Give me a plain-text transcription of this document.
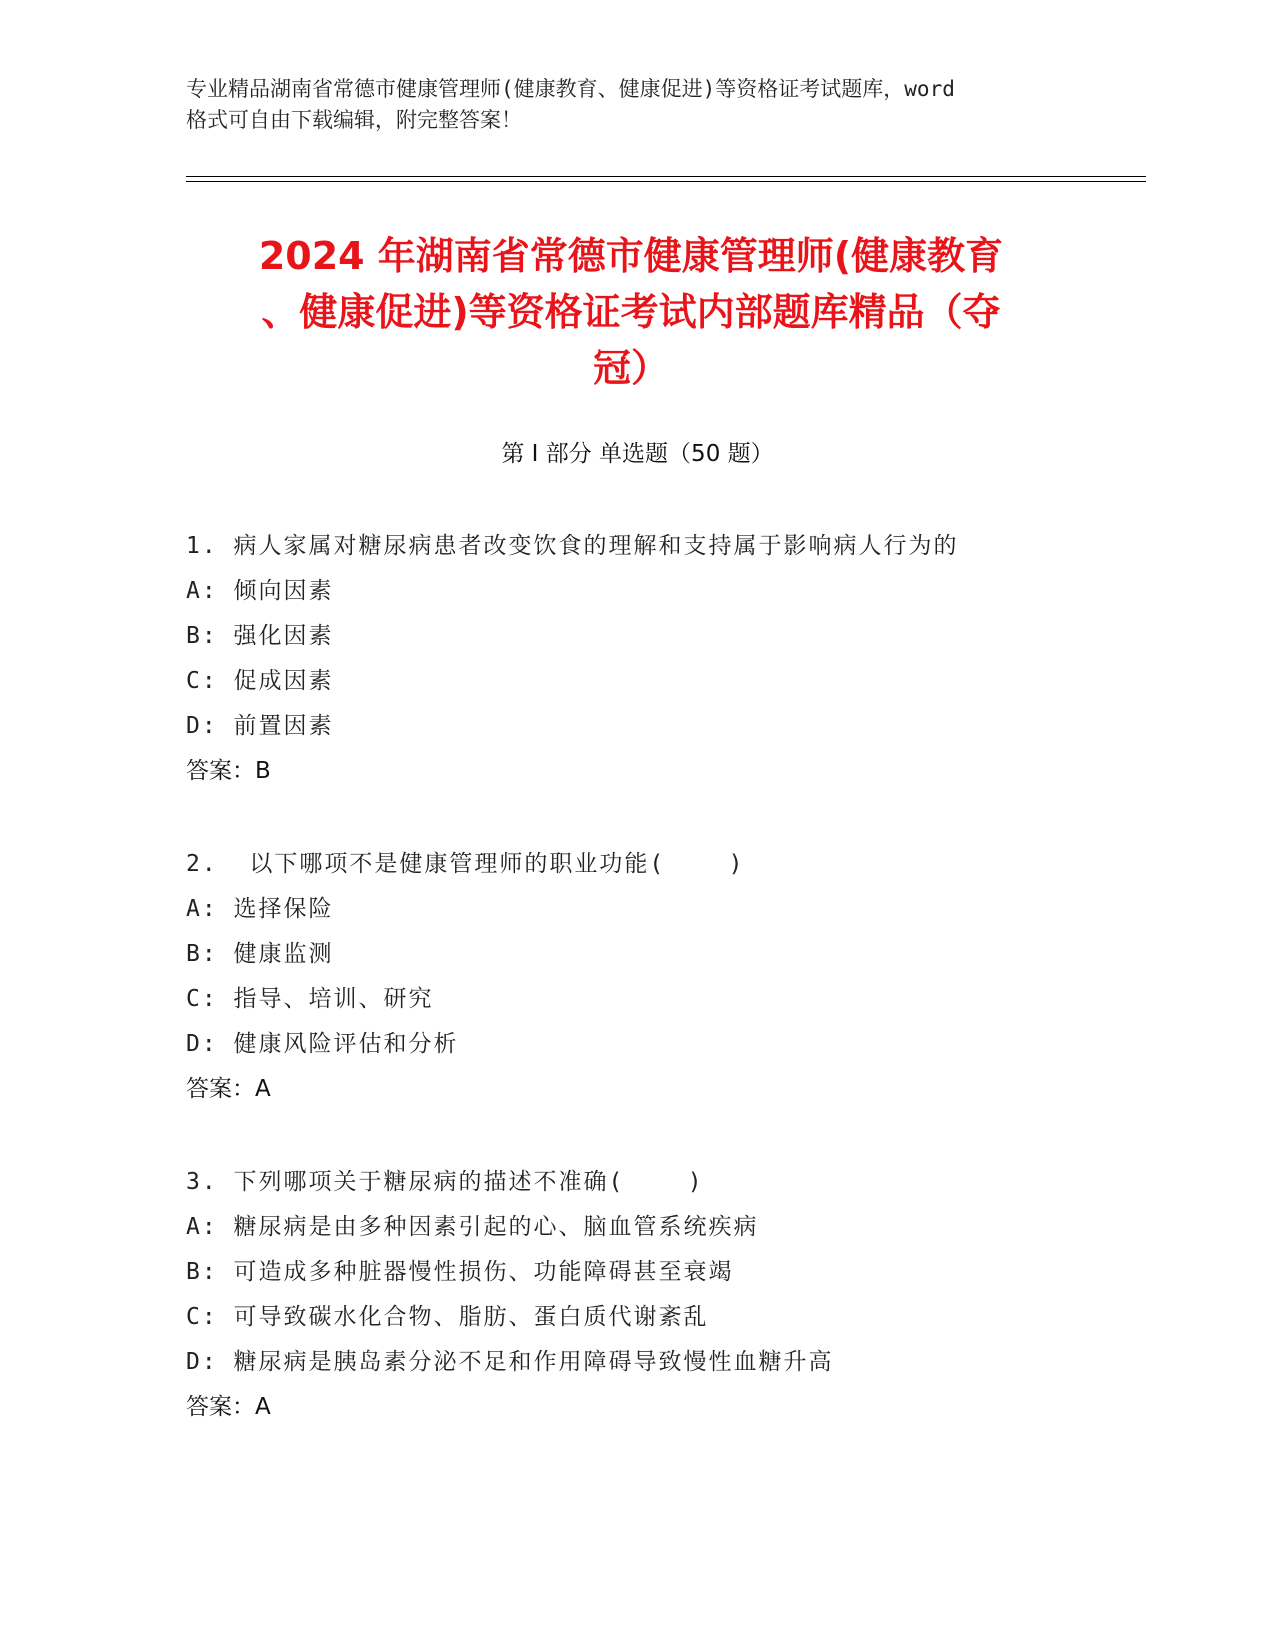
专业精品湖南省常德市健康管理师(健康教育、健康促进)等资格证考试题库，word
格式可自由下载编辑，附完整答案！
2024 年湖南省常德市健康管理师(健康教育
、健康促进)等资格证考试内部题库精品（夺
冠）
第 I 部分 单选题（50 题）
1. 病人家属对糖尿病患者改变饮食的理解和支持属于影响病人行为的
A: 倾向因素
B: 强化因素
C: 促成因素
D: 前置因素
答案：B
2.  以下哪项不是健康管理师的职业功能(    )
A: 选择保险
B: 健康监测
C: 指导、培训、研究
D: 健康风险评估和分析
答案：A
3. 下列哪项关于糖尿病的描述不准确(    )
A: 糖尿病是由多种因素引起的心、脑血管系统疾病
B: 可造成多种脏器慢性损伤、功能障碍甚至衰竭
C: 可导致碳水化合物、脂肪、蛋白质代谢紊乱
D: 糖尿病是胰岛素分泌不足和作用障碍导致慢性血糖升高
答案：A
